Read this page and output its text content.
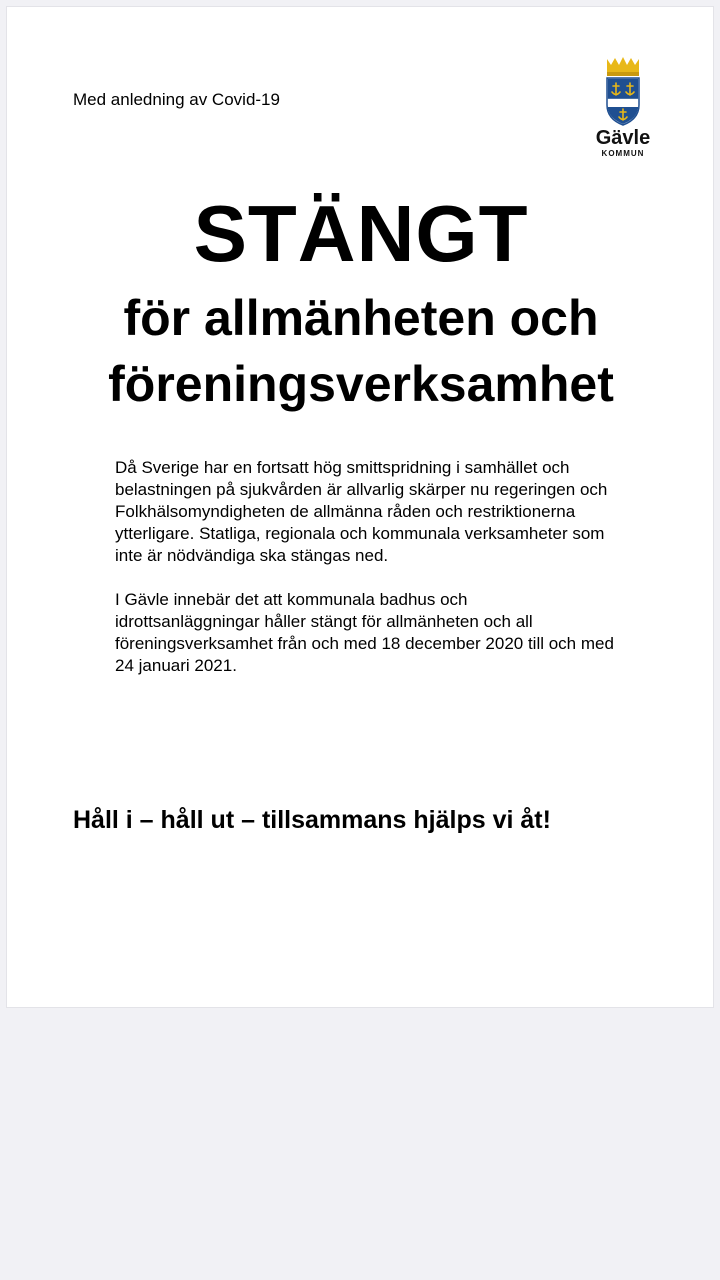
Med anledning av Covid-19
Gävle
KOMMUN
STÄNGT
för allmänheten och
föreningsverksamhet

Då Sverige har en fortsatt hög smittspridning i samhället och belastningen på sjukvården är allvarlig skärper nu regeringen och Folkhälsomyndigheten de allmänna råden och restriktionerna ytterligare. Statliga, regionala och kommunala verksamheter som inte är nödvändiga ska stängas ned.

I Gävle innebär det att kommunala badhus och idrottsanläggningar håller stängt för allmänheten och all föreningsverksamhet från och med 18 december 2020 till och med 24 januari 2021.

Håll i – håll ut – tillsammans hjälps vi åt!
